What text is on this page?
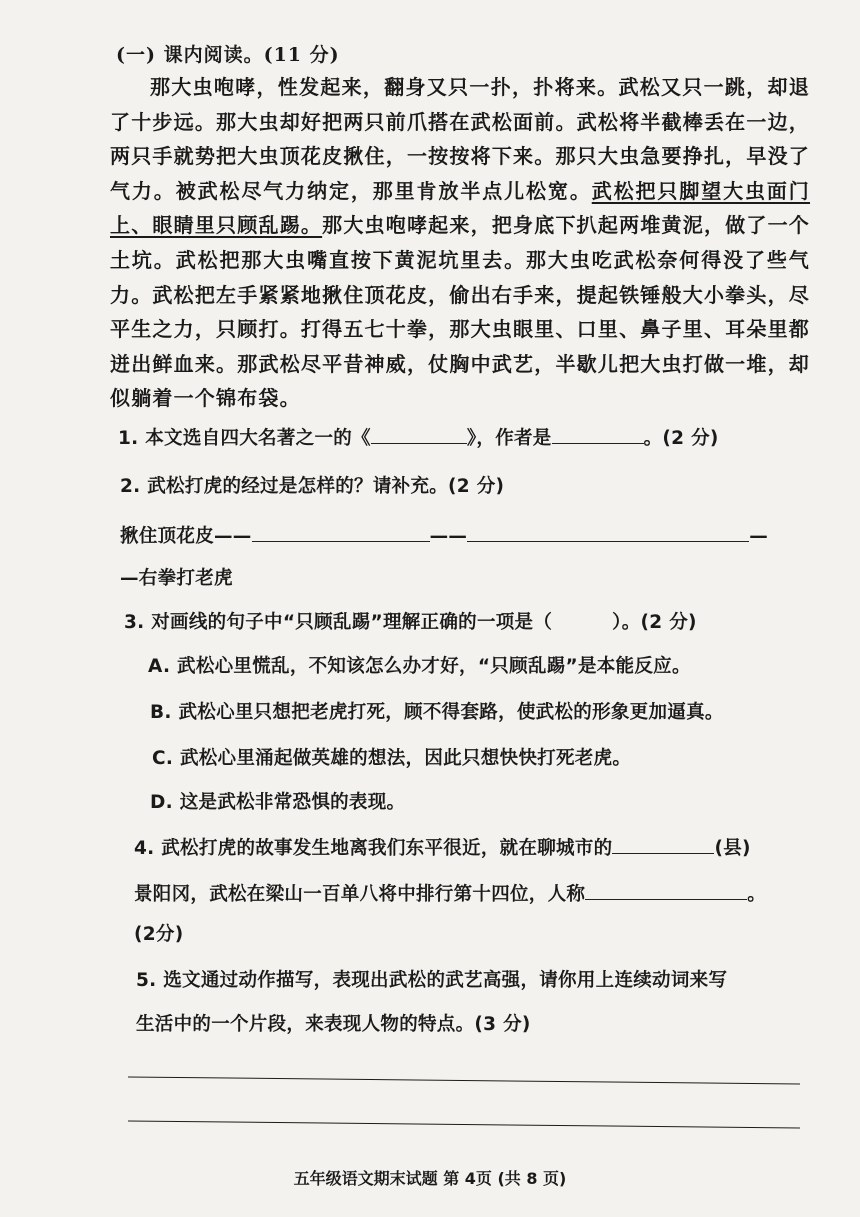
(一) 课内阅读。(11 分)

那大虫咆哮，性发起来，翻身又只一扑，扑将来。武松又只一跳，却退了十步远。那大虫却好把两只前爪搭在武松面前。武松将半截棒丢在一边，两只手就势把大虫顶花皮揪住，一按按将下来。那只大虫急要挣扎，早没了气力。被武松尽气力纳定，那里肯放半点儿松宽。武松把只脚望大虫面门上、眼睛里只顾乱踢。那大虫咆哮起来，把身底下扒起两堆黄泥，做了一个土坑。武松把那大虫嘴直按下黄泥坑里去。那大虫吃武松奈何得没了些气力。武松把左手紧紧地揪住顶花皮，偷出右手来，提起铁锤般大小拳头，尽平生之力，只顾打。打得五七十拳，那大虫眼里、口里、鼻子里、耳朵里都迸出鲜血来。那武松尽平昔神威，仗胸中武艺，半歇儿把大虫打做一堆，却似躺着一个锦布袋。

1. 本文选自四大名著之一的《	》，作者是	。(2 分)
2. 武松打虎的经过是怎样的？请补充。(2 分)
揪住顶花皮——	——	—
—右拳打老虎
3. 对画线的句子中“只顾乱踢”理解正确的一项是（	）。(2 分)
A. 武松心里慌乱，不知该怎么办才好，“只顾乱踢”是本能反应。
B. 武松心里只想把老虎打死，顾不得套路，使武松的形象更加逼真。
C. 武松心里涌起做英雄的想法，因此只想快快打死老虎。
D. 这是武松非常恐惧的表现。
4. 武松打虎的故事发生地离我们东平很近，就在聊城市的	(县)
景阳冈，武松在梁山一百单八将中排行第十四位，人称	。
(2分)
5. 选文通过动作描写，表现出武松的武艺高强，请你用上连续动词来写
生活中的一个片段，来表现人物的特点。(3 分)
五年级语文期末试题 第 4页 (共 8 页)
